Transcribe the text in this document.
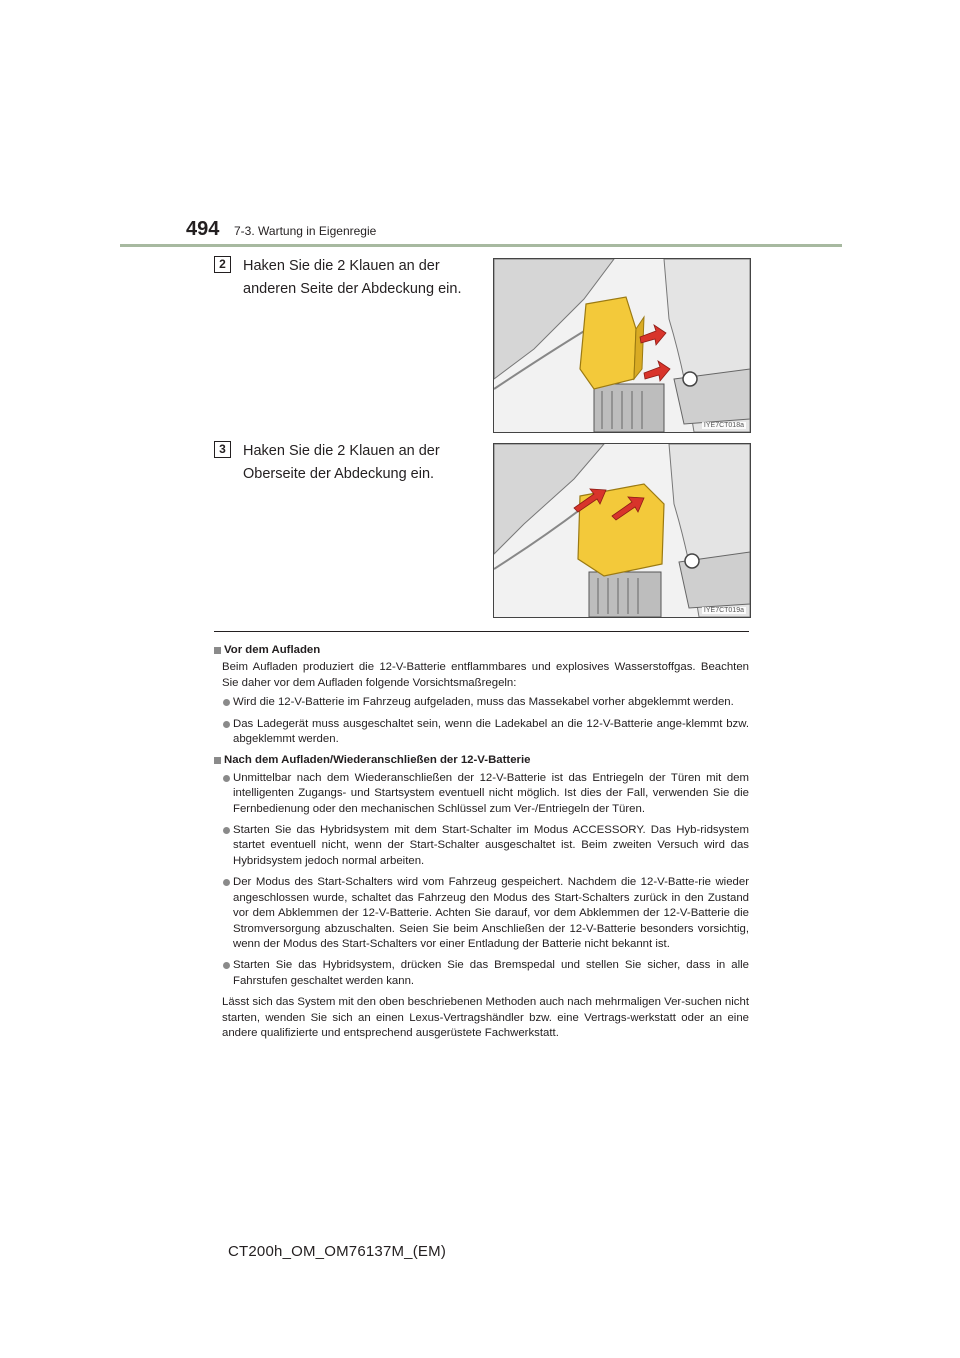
494 7-3. Wartung in Eigenregie
2	Haken Sie die 2 Klauen an der
anderen Seite der Abdeckung ein.
IYE7CT018a
3	Haken Sie die 2 Klauen an der
Oberseite der Abdeckung ein.
IYE7CT019a
Vor dem Aufladen

Beim Aufladen produziert die 12-V-Batterie entflammbares und explosives Wasserstoffgas. Beachten Sie daher vor dem Aufladen folgende Vorsichtsmaßregeln:

Wird die 12-V-Batterie im Fahrzeug aufgeladen, muss das Massekabel vorher abgeklemmt werden.
Das Ladegerät muss ausgeschaltet sein, wenn die Ladekabel an die 12-V-Batterie ange-klemmt bzw. abgeklemmt werden.
Nach dem Aufladen/Wiederanschließen der 12-V-Batterie
Unmittelbar nach dem Wiederanschließen der 12-V-Batterie ist das Entriegeln der Türen mit dem intelligenten Zugangs- und Startsystem eventuell nicht möglich. Ist dies der Fall, verwenden Sie die Fernbedienung oder den mechanischen Schlüssel zum Ver-/Entriegeln der Türen.
Starten Sie das Hybridsystem mit dem Start-Schalter im Modus ACCESSORY. Das Hyb-ridsystem startet eventuell nicht, wenn der Start-Schalter ausgeschaltet ist. Beim zweiten Versuch wird das Hybridsystem jedoch normal arbeiten.
Der Modus des Start-Schalters wird vom Fahrzeug gespeichert. Nachdem die 12-V-Batte-rie wieder angeschlossen wurde, schaltet das Fahrzeug den Modus des Start-Schalters zurück in den Zustand vor dem Abklemmen der 12-V-Batterie. Achten Sie darauf, vor dem Abklemmen der 12-V-Batterie die Stromversorgung abzuschalten. Seien Sie beim Anschließen der 12-V-Batterie besonders vorsichtig, wenn der Modus des Start-Schalters vor einer Entladung der Batterie nicht bekannt ist.
Starten Sie das Hybridsystem, drücken Sie das Bremspedal und stellen Sie sicher, dass in alle Fahrstufen geschaltet werden kann.

Lässt sich das System mit den oben beschriebenen Methoden auch nach mehrmaligen Ver-suchen nicht starten, wenden Sie sich an einen Lexus-Vertragshändler bzw. eine Vertrags-werkstatt oder an eine andere qualifizierte und entsprechend ausgerüstete Fachwerkstatt.

CT200h_OM_OM76137M_(EM)
